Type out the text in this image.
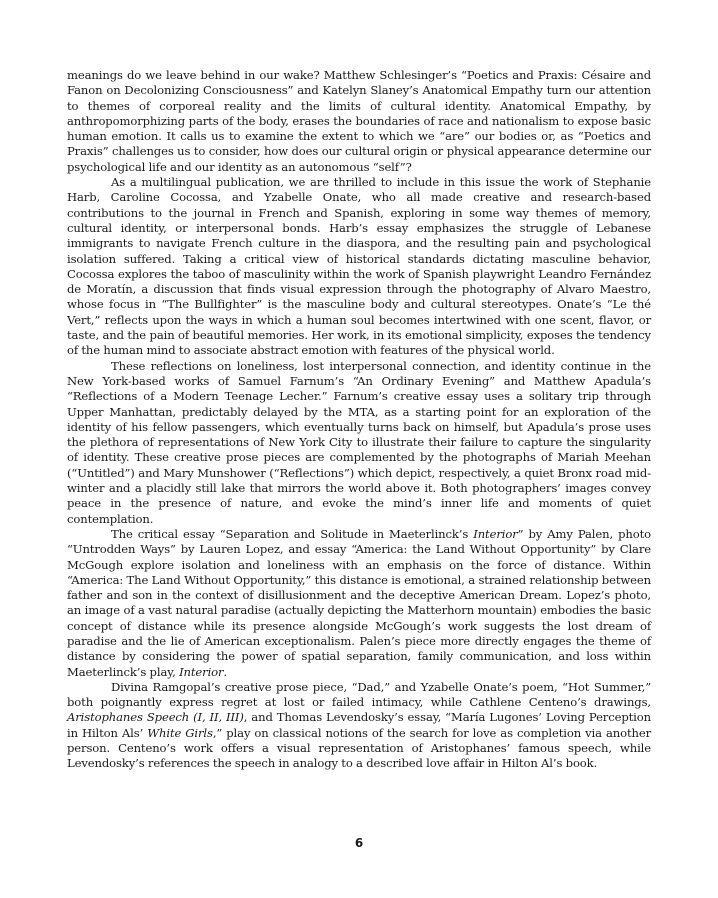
meanings do we leave behind in our wake? Matthew Schlesinger’s “Poetics and Praxis: Césaire and Fanon on Decolonizing Consciousness” and Katelyn Slaney’s Anatomical Empathy turn our attention to themes of corporeal reality and the limits of cultural identity. Anatomical Empathy, by anthropomorphizing parts of the body, erases the boundaries of race and nationalism to expose basic human emotion. It calls us to examine the extent to which we “are” our bodies or, as “Poetics and Praxis” challenges us to consider, how does our cultural origin or physical appearance determine our psychological life and our identity as an autonomous “self”?

As a multilingual publication, we are thrilled to include in this issue the work of Stephanie Harb, Caroline Cocossa, and Yzabelle Onate, who all made creative and research-based contributions to the journal in French and Spanish, exploring in some way themes of memory, cultural identity, or interpersonal bonds. Harb’s essay emphasizes the struggle of Lebanese immigrants to navigate French culture in the diaspora, and the resulting pain and psychological isolation suffered. Taking a critical view of historical standards dictating masculine behavior, Cocossa explores the taboo of masculinity within the work of Spanish playwright Leandro Fernández de Moratín, a discussion that finds visual expression through the photography of Alvaro Maestro, whose focus in “The Bullfighter” is the masculine body and cultural stereotypes. Onate’s “Le thé Vert,” reflects upon the ways in which a human soul becomes intertwined with one scent, flavor, or taste, and the pain of beautiful memories. Her work, in its emotional simplicity, exposes the tendency of the human mind to associate abstract emotion with features of the physical world.

These reflections on loneliness, lost interpersonal connection, and identity continue in the New York-based works of Samuel Farnum’s “An Ordinary Evening” and Matthew Apadula’s “Reflections of a Modern Teenage Lecher.” Farnum’s creative essay uses a solitary trip through Upper Manhattan, predictably delayed by the MTA, as a starting point for an exploration of the identity of his fellow passengers, which eventually turns back on himself, but Apadula’s prose uses the plethora of representations of New York City to illustrate their failure to capture the singularity of identity. These creative prose pieces are complemented by the photographs of Mariah Meehan (“Untitled”) and Mary Munshower (“Reflections”) which depict, respectively, a quiet Bronx road mid-winter and a placidly still lake that mirrors the world above it. Both photographers’ images convey peace in the presence of nature, and evoke the mind’s inner life and moments of quiet contemplation.

The critical essay “Separation and Solitude in Maeterlinck’s Interior” by Amy Palen, photo “Untrodden Ways” by Lauren Lopez, and essay “America: the Land Without Opportunity” by Clare McGough explore isolation and loneliness with an emphasis on the force of distance. Within “America: The Land Without Opportunity,” this distance is emotional, a strained relationship between father and son in the context of disillusionment and the deceptive American Dream. Lopez’s photo, an image of a vast natural paradise (actually depicting the Matterhorn mountain) embodies the basic concept of distance while its presence alongside McGough’s work suggests the lost dream of paradise and the lie of American exceptionalism. Palen’s piece more directly engages the theme of distance by considering the power of spatial separation, family communication, and loss within Maeterlinck’s play, Interior.

Divina Ramgopal’s creative prose piece, “Dad,” and Yzabelle Onate’s poem, “Hot Summer,” both poignantly express regret at lost or failed intimacy, while Cathlene Centeno’s drawings, Aristophanes Speech (I, II, III), and Thomas Levendosky’s essay, “María Lugones’ Loving Perception in Hilton Als’ White Girls,” play on classical notions of the search for love as completion via another person. Centeno’s work offers a visual representation of Aristophanes’ famous speech, while Levendosky’s references the speech in analogy to a described love affair in Hilton Al’s book.

6
